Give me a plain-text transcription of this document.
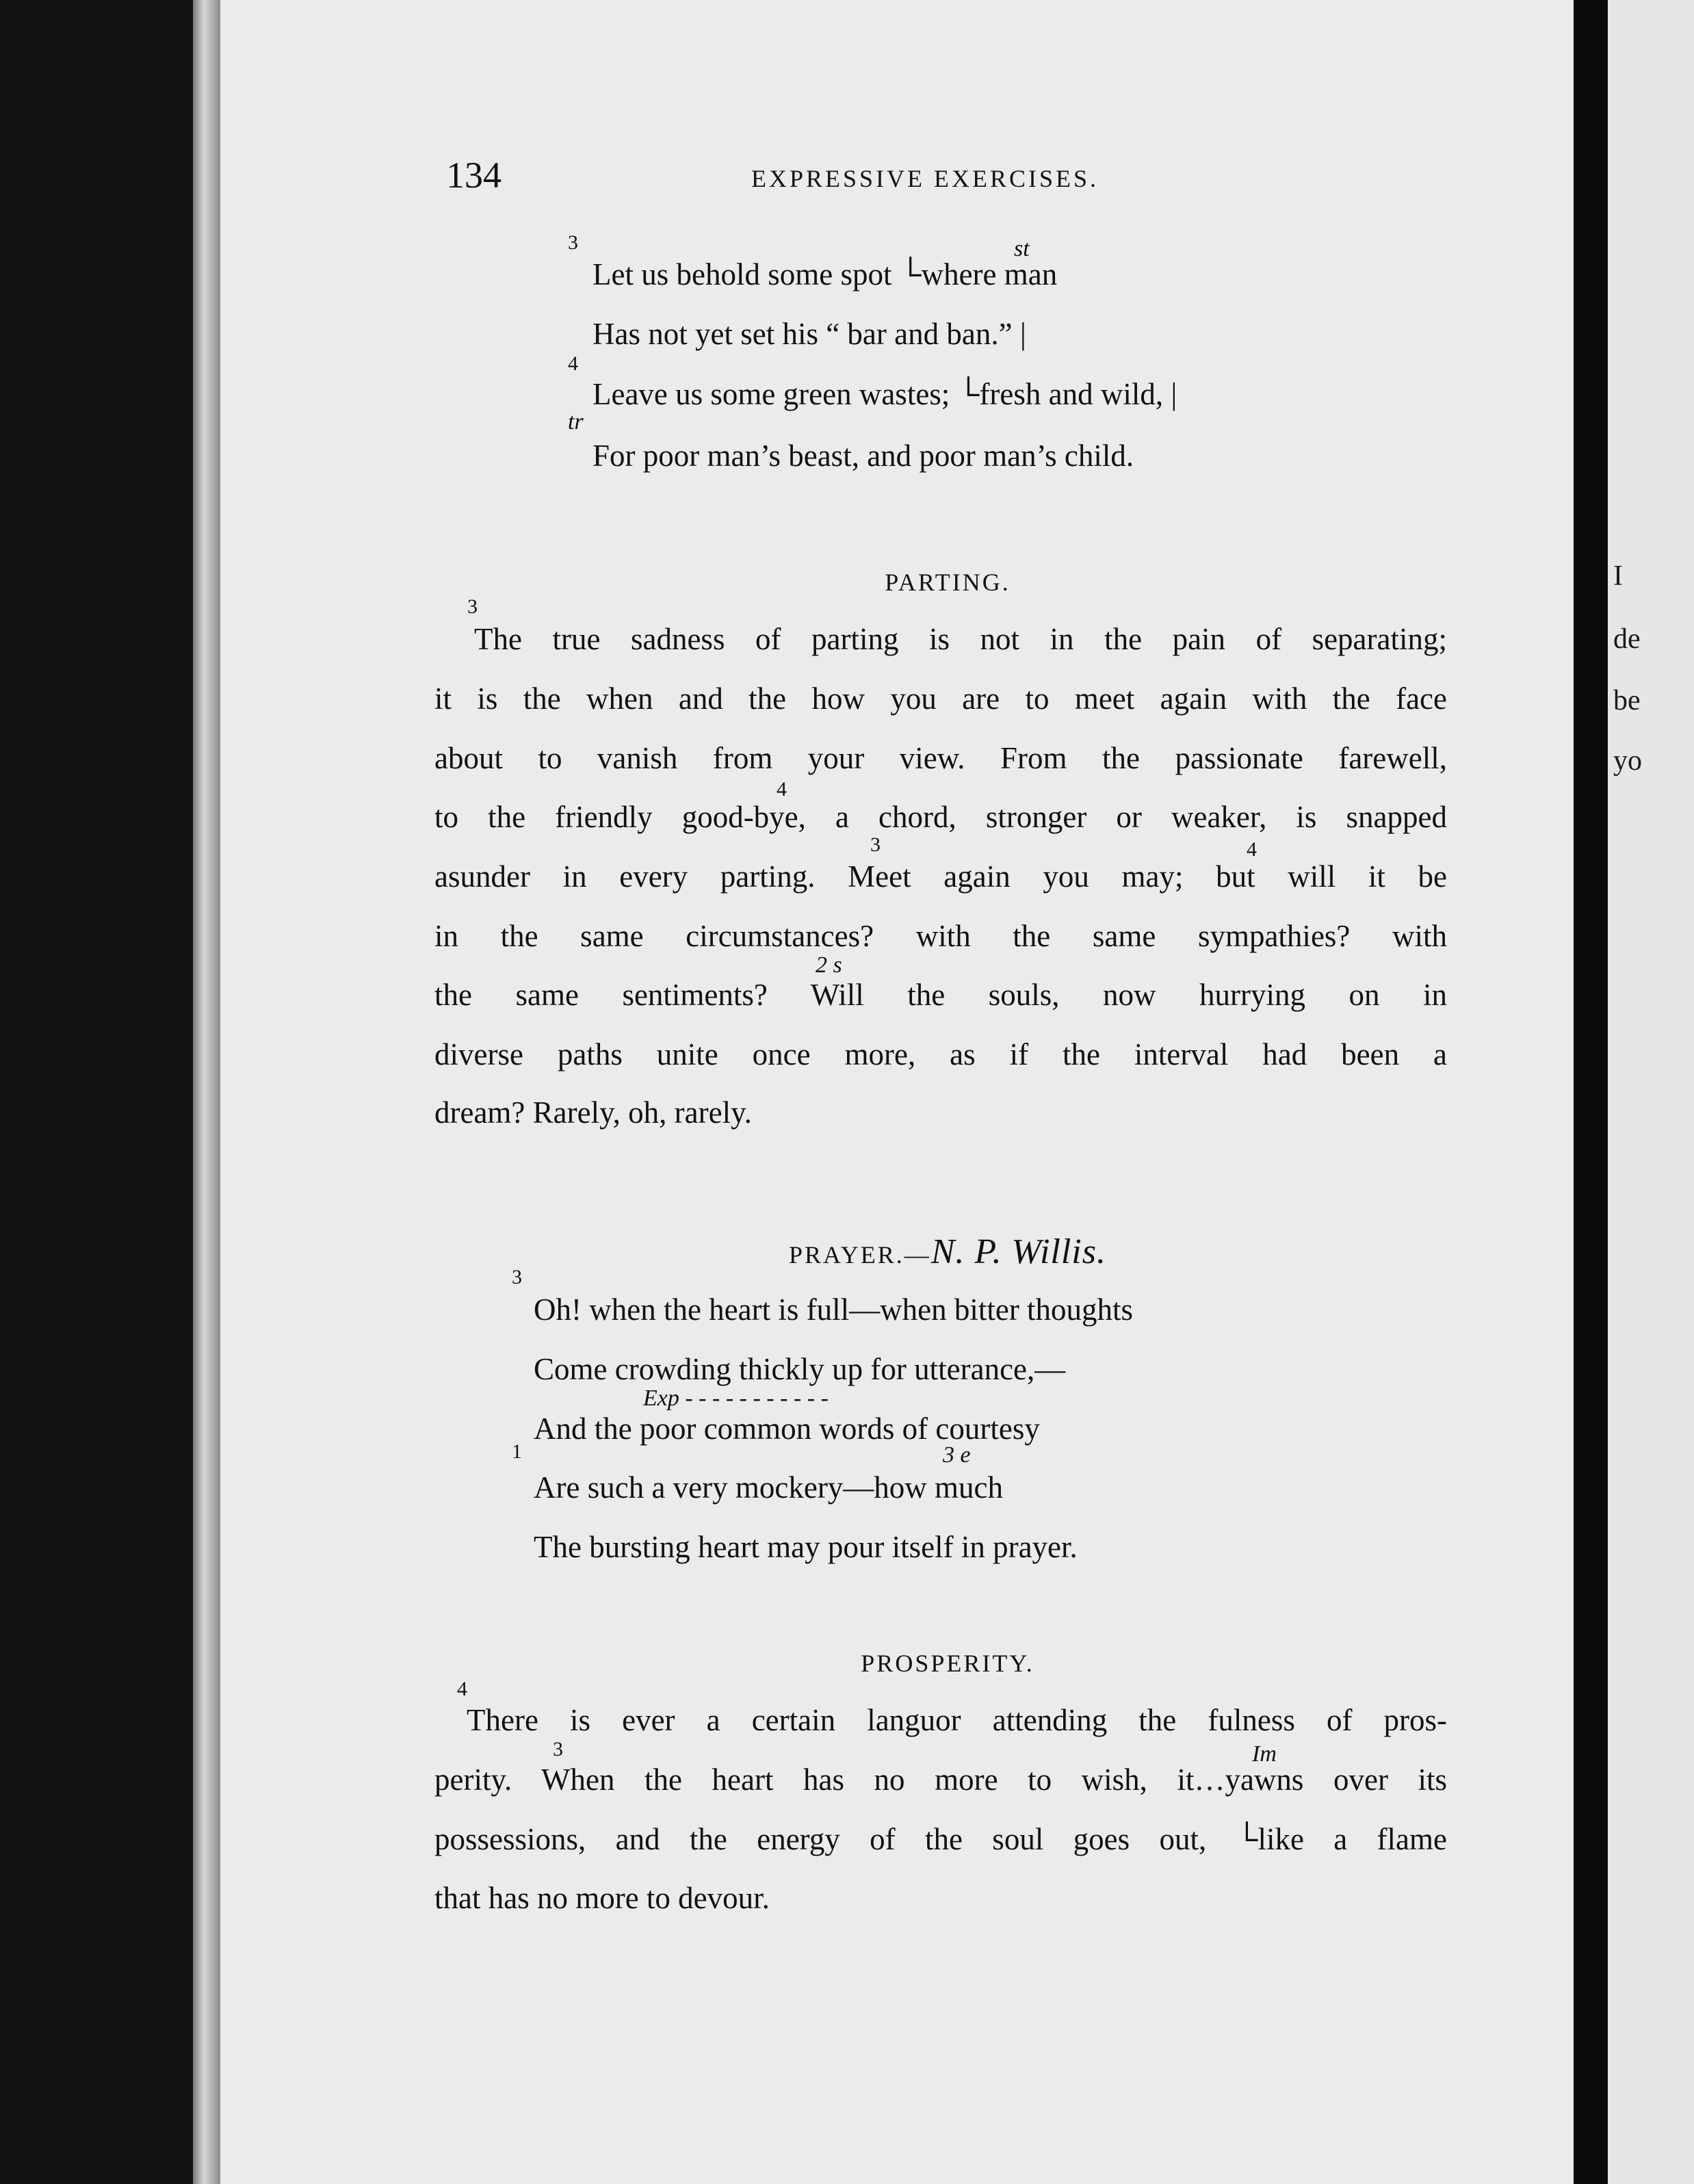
I
de
be
yo
134	EXPRESSIVE EXERCISES.
3	st
Let us behold some spot └where man
Has not yet set his “ bar and ban.” |
4
Leave us some green wastes; └fresh and wild, |
tr
For poor man’s beast, and poor man’s child.
PARTING.
3
The true sadness of parting is not in the pain of separating;
it is the when and the how you are to meet again with the face
about to vanish from your view. From the passionate farewell,
4
to the friendly good-bye, a chord, stronger or weaker, is snapped
3	4
asunder in every parting. Meet again you may; but will it be
in the same circumstances? with the same sympathies? with
2 s
the same sentiments? Will the souls, now hurrying on in
diverse paths unite once more, as if the interval had been a
dream? Rarely, oh, rarely.
PRAYER.—N. P. Willis.
3
Oh! when the heart is full—when bitter thoughts
Come crowding thickly up for utterance,—
Exp - - - - - - - - - - -
And the poor common words of courtesy
1	3 e
Are such a very mockery—how much
The bursting heart may pour itself in prayer.
PROSPERITY.
4
There is ever a certain languor attending the fulness of pros-
3	Im
perity. When the heart has no more to wish, it…yawns over its
possessions, and the energy of the soul goes out, └like a flame
that has no more to devour.
